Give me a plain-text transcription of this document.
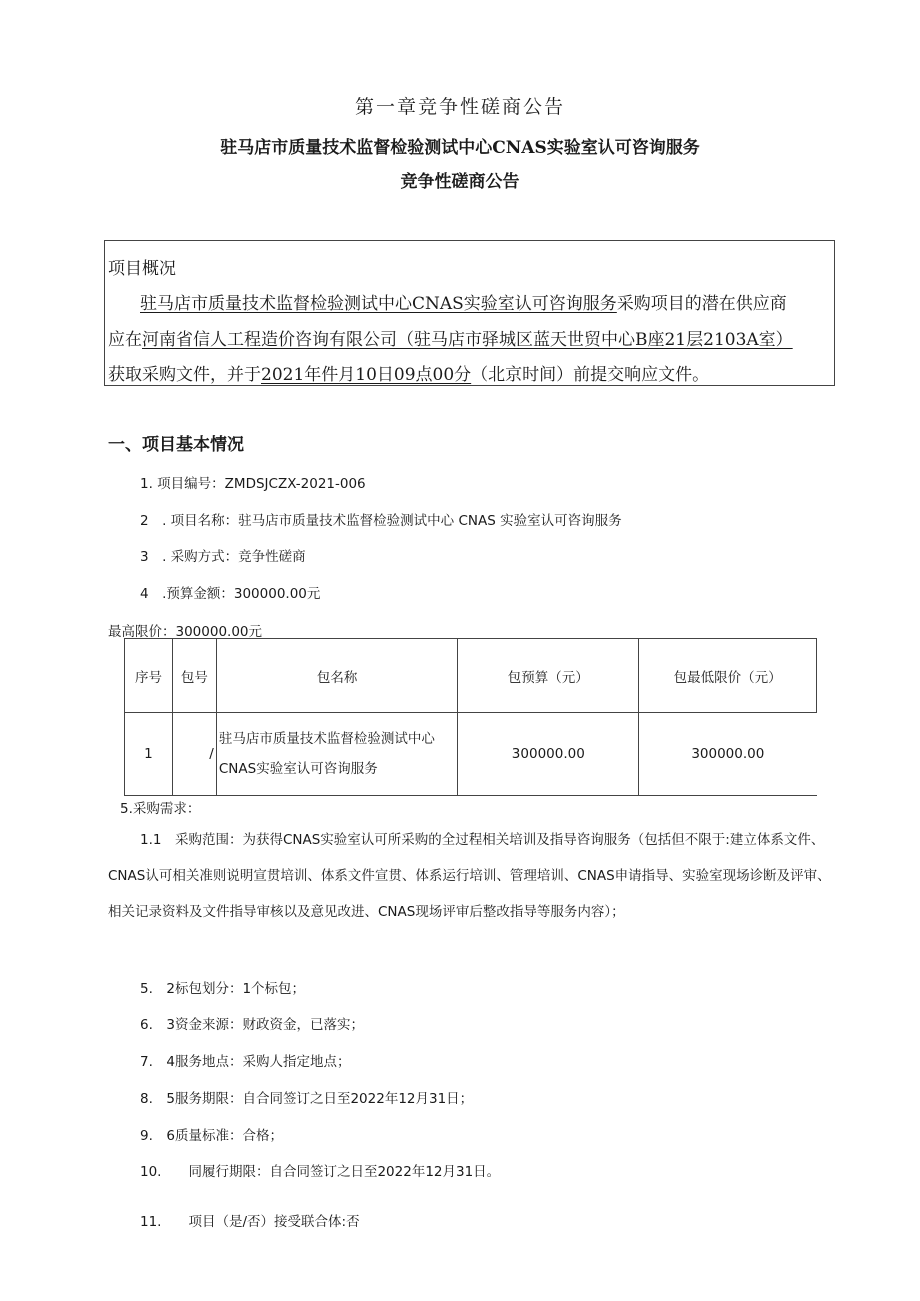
第一章竞争性磋商公告
驻马店市质量技术监督检验测试中心CNAS实验室认可咨询服务
竞争性磋商公告
项目概况
驻马店市质量技术监督检验测试中心CNAS实验室认可咨询服务采购项目的潜在供应商
应在河南省信人工程造价咨询有限公司（驻马店市驿城区蓝天世贸中心B座21层2103A室）
获取采购文件，并于2021年件月10日09点00分（北京时间）前提交响应文件。
一、项目基本情况
1. 项目编号：ZMDSJCZX-2021-006
2　. 项目名称：驻马店市质量技术监督检验测试中心 CNAS 实验室认可咨询服务
3　. 采购方式：竞争性磋商
4　.预算金额：300000.00元
最高限价：300000.00元
序号	包号	包名称	包预算（元）	包最低限价（元）
1	/	驻马店市质量技术监督检验测试中心CNAS实验室认可咨询服务	300000.00	300000.00
5.采购需求：
1.1　采购范围：为获得CNAS实验室认可所采购的全过程相关培训及指导咨询服务（包括但不限于:建立体系文件、CNAS认可相关准则说明宣贯培训、体系文件宣贯、体系运行培训、管理培训、CNAS申请指导、实验室现场诊断及评审、相关记录资料及文件指导审核以及意见改进、CNAS现场评审后整改指导等服务内容）；
5.　2标包划分：1个标包；
6.　3资金来源：财政资金，已落实；
7.　4服务地点：采购人指定地点；
8.　5服务期限：自合同签订之日至2022年12月31日；
9.　6质量标准：合格；
10.　　同履行期限：自合同签订之日至2022年12月31日。
11.　　项目（是/否）接受联合体:否
